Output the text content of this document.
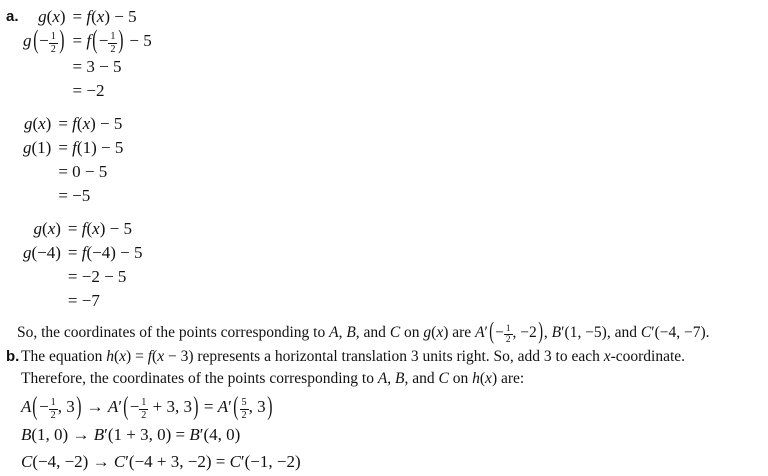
a.	g(x) = f(x) − 5
$g(- \frac{1}{2}$ ) = $f(- \frac{1}{2}$ ) − 5
= 3 − 5
= −2
g(x) = f(x) − 5
g(1) = f(1) − 5
= 0 − 5
= −5
g(x) = f(x) − 5
g(−4) = f(−4) − 5
= −2 − 5
= −7
So, the coordinates of the points corresponding to A, B, and C on g(x) are $A'(- \frac{1}{2}$ , −2), B′(1, −5), and C′(−4, −7).
b. The equation h(x) = f(x − 3) represents a horizontal translation 3 units right. So, add 3 to each x-coordinate.
Therefore, the coordinates of the points corresponding to A, B, and C on h(x) are:
$A(- \frac{1}{2}$ , $3) \to A'(- \frac{1}{2} + 3$, $3) = A'( \frac{5}{2}$ , 3)
B(1, 0) → B′(1 + 3, 0) = B′(4, 0)
C(−4, −2) → C′(−4 + 3, −2) = C′(−1, −2)
